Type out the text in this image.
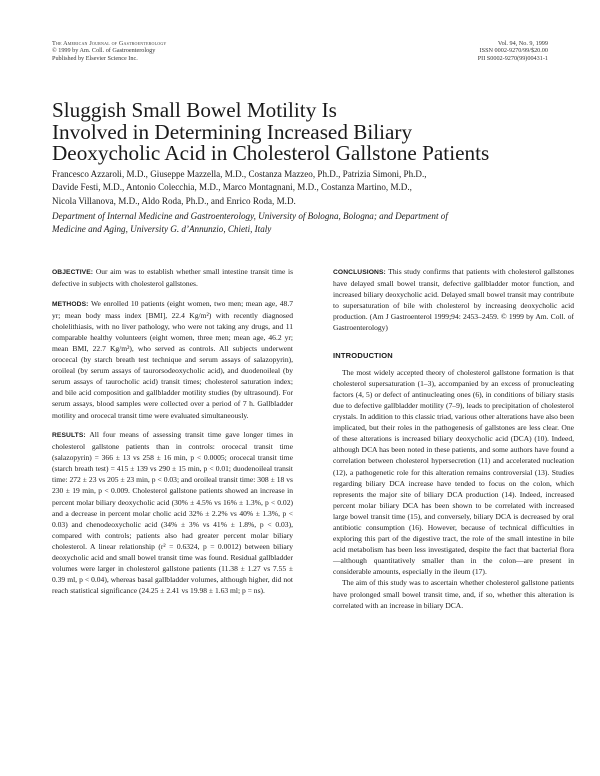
The American Journal of Gastroenterology
© 1999 by Am. Coll. of Gastroenterology
Published by Elsevier Science Inc.
Vol. 94, No. 9, 1999
ISSN 0002-9270/99/$20.00
PII S0002-9270(99)00431-1
Sluggish Small Bowel Motility Is
Involved in Determining Increased Biliary
Deoxycholic Acid in Cholesterol Gallstone Patients
Francesco Azzaroli, M.D., Giuseppe Mazzella, M.D., Costanza Mazzeo, Ph.D., Patrizia Simoni, Ph.D.,
Davide Festi, M.D., Antonio Colecchia, M.D., Marco Montagnani, M.D., Costanza Martino, M.D.,
Nicola Villanova, M.D., Aldo Roda, Ph.D., and Enrico Roda, M.D.
Department of Internal Medicine and Gastroenterology, University of Bologna, Bologna; and Department of
Medicine and Aging, University G. d’Annunzio, Chieti, Italy

OBJECTIVE: Our aim was to establish whether small intestine transit time is defective in subjects with cholesterol gallstones.

METHODS: We enrolled 10 patients (eight women, two men; mean age, 48.7 yr; mean body mass index [BMI], 22.4 Kg/m²) with recently diagnosed cholelithiasis, with no liver pathology, who were not taking any drugs, and 11 comparable healthy volunteers (eight women, three men; mean age, 46.2 yr; mean BMI, 22.7 Kg/m²), who served as controls. All subjects underwent orocecal (by starch breath test technique and serum assays of salazopyrin), oroileal (by serum assays of taurorsodeoxycholic acid), and duodenoileal (by serum assays of taurocholic acid) transit times; cholesterol saturation index; and bile acid composition and gallbladder motility studies (by ultrasound). For serum assays, blood samples were collected over a period of 7 h. Gallbladder motility and orocecal transit time were evaluated simultaneously.

RESULTS: All four means of assessing transit time gave longer times in cholesterol gallstone patients than in controls: orocecal transit time (salazopyrin) = 366 ± 13 vs 258 ± 16 min, p < 0.0005; orocecal transit time (starch breath test) = 415 ± 139 vs 290 ± 15 min, p < 0.01; duodenoileal transit time: 272 ± 23 vs 205 ± 23 min, p < 0.03; and oroileal transit time: 308 ± 18 vs 230 ± 19 min, p < 0.009. Cholesterol gallstone patients showed an increase in percent molar biliary deoxycholic acid (30% ± 4.5% vs 16% ± 1.3%, p < 0.02) and a decrease in percent molar cholic acid 32% ± 2.2% vs 40% ± 1.3%, p < 0.03) and chenodeoxycholic acid (34% ± 3% vs 41% ± 1.8%, p < 0.03), compared with controls; patients also had greater percent molar biliary cholesterol. A linear relationship (r² = 0.6324, p = 0.0012) between biliary deoxycholic acid and small bowel transit time was found. Residual gallbladder volumes were larger in cholesterol gallstone patients (11.38 ± 1.27 vs 7.55 ± 0.39 ml, p < 0.04), whereas basal gallbladder volumes, although higher, did not reach statistical significance (24.25 ± 2.41 vs 19.98 ± 1.63 ml; p = ns).

CONCLUSIONS: This study confirms that patients with cholesterol gallstones have delayed small bowel transit, defective gallbladder motor function, and increased biliary deoxycholic acid. Delayed small bowel transit may contribute to supersaturation of bile with cholesterol by increasing deoxycholic acid production. (Am J Gastroenterol 1999;94: 2453–2459. © 1999 by Am. Coll. of Gastroenterology)

INTRODUCTION

The most widely accepted theory of cholesterol gallstone formation is that cholesterol supersaturation (1–3), accompanied by an excess of pronucleating factors (4, 5) or defect of antinucleating ones (6), in conditions of biliary stasis due to defective gallbladder motility (7–9), leads to precipitation of cholesterol crystals. In addition to this classic triad, various other alterations have also been implicated, but their roles in the pathogenesis of gallstones are less clear. One of these alterations is increased biliary deoxycholic acid (DCA) (10). Indeed, although DCA has been noted in these patients, and some authors have found a correlation between cholesterol hypersecretion (11) and accelerated nucleation (12), a pathogenetic role for this alteration remains controversial (13). Studies regarding biliary DCA increase have tended to focus on the colon, which represents the major site of biliary DCA production (14). Indeed, increased percent molar biliary DCA has been shown to be correlated with increased large bowel transit time (15), and conversely, biliary DCA is decreased by oral antibiotic consumption (16). However, because of technical difficulties in exploring this part of the digestive tract, the role of the small intestine in bile acid metabolism has been less investigated, despite the fact that bacterial flora—although quantitatively smaller than in the colon—are present in considerable amounts, especially in the ileum (17).

The aim of this study was to ascertain whether cholesterol gallstone patients have prolonged small bowel transit time, and, if so, whether this alteration is correlated with an increase in biliary DCA.
